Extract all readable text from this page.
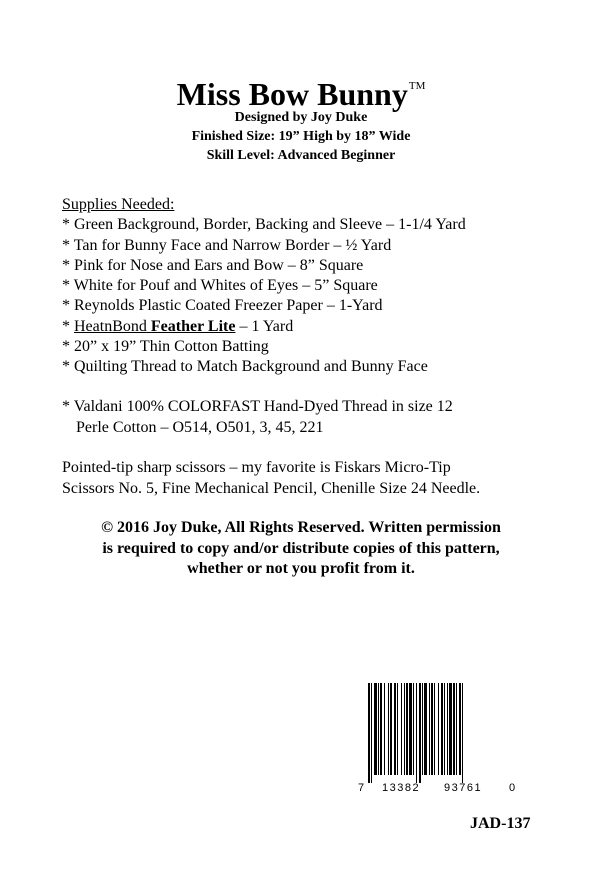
Miss Bow Bunny™
Designed by Joy Duke
Finished Size: 19” High by 18” Wide
Skill Level: Advanced Beginner
Supplies Needed:
* Green Background, Border, Backing and Sleeve – 1-1/4 Yard
* Tan for Bunny Face and Narrow Border – ½ Yard
* Pink for Nose and Ears and Bow – 8” Square
* White for Pouf and Whites of Eyes – 5” Square
* Reynolds Plastic Coated Freezer Paper – 1-Yard
* HeatnBond Feather Lite – 1 Yard
* 20” x 19” Thin Cotton Batting
* Quilting Thread to Match Background and Bunny Face
* Valdani 100% COLORFAST Hand-Dyed Thread in size 12
Perle Cotton – O514, O501, 3, 45, 221
Pointed-tip sharp scissors – my favorite is Fiskars Micro-Tip
Scissors No. 5, Fine Mechanical Pencil, Chenille Size 24 Needle.
© 2016 Joy Duke, All Rights Reserved. Written permission
is required to copy and/or distribute copies of this pattern,
whether or not you profit from it.
7 13382 93761 0
JAD-137
